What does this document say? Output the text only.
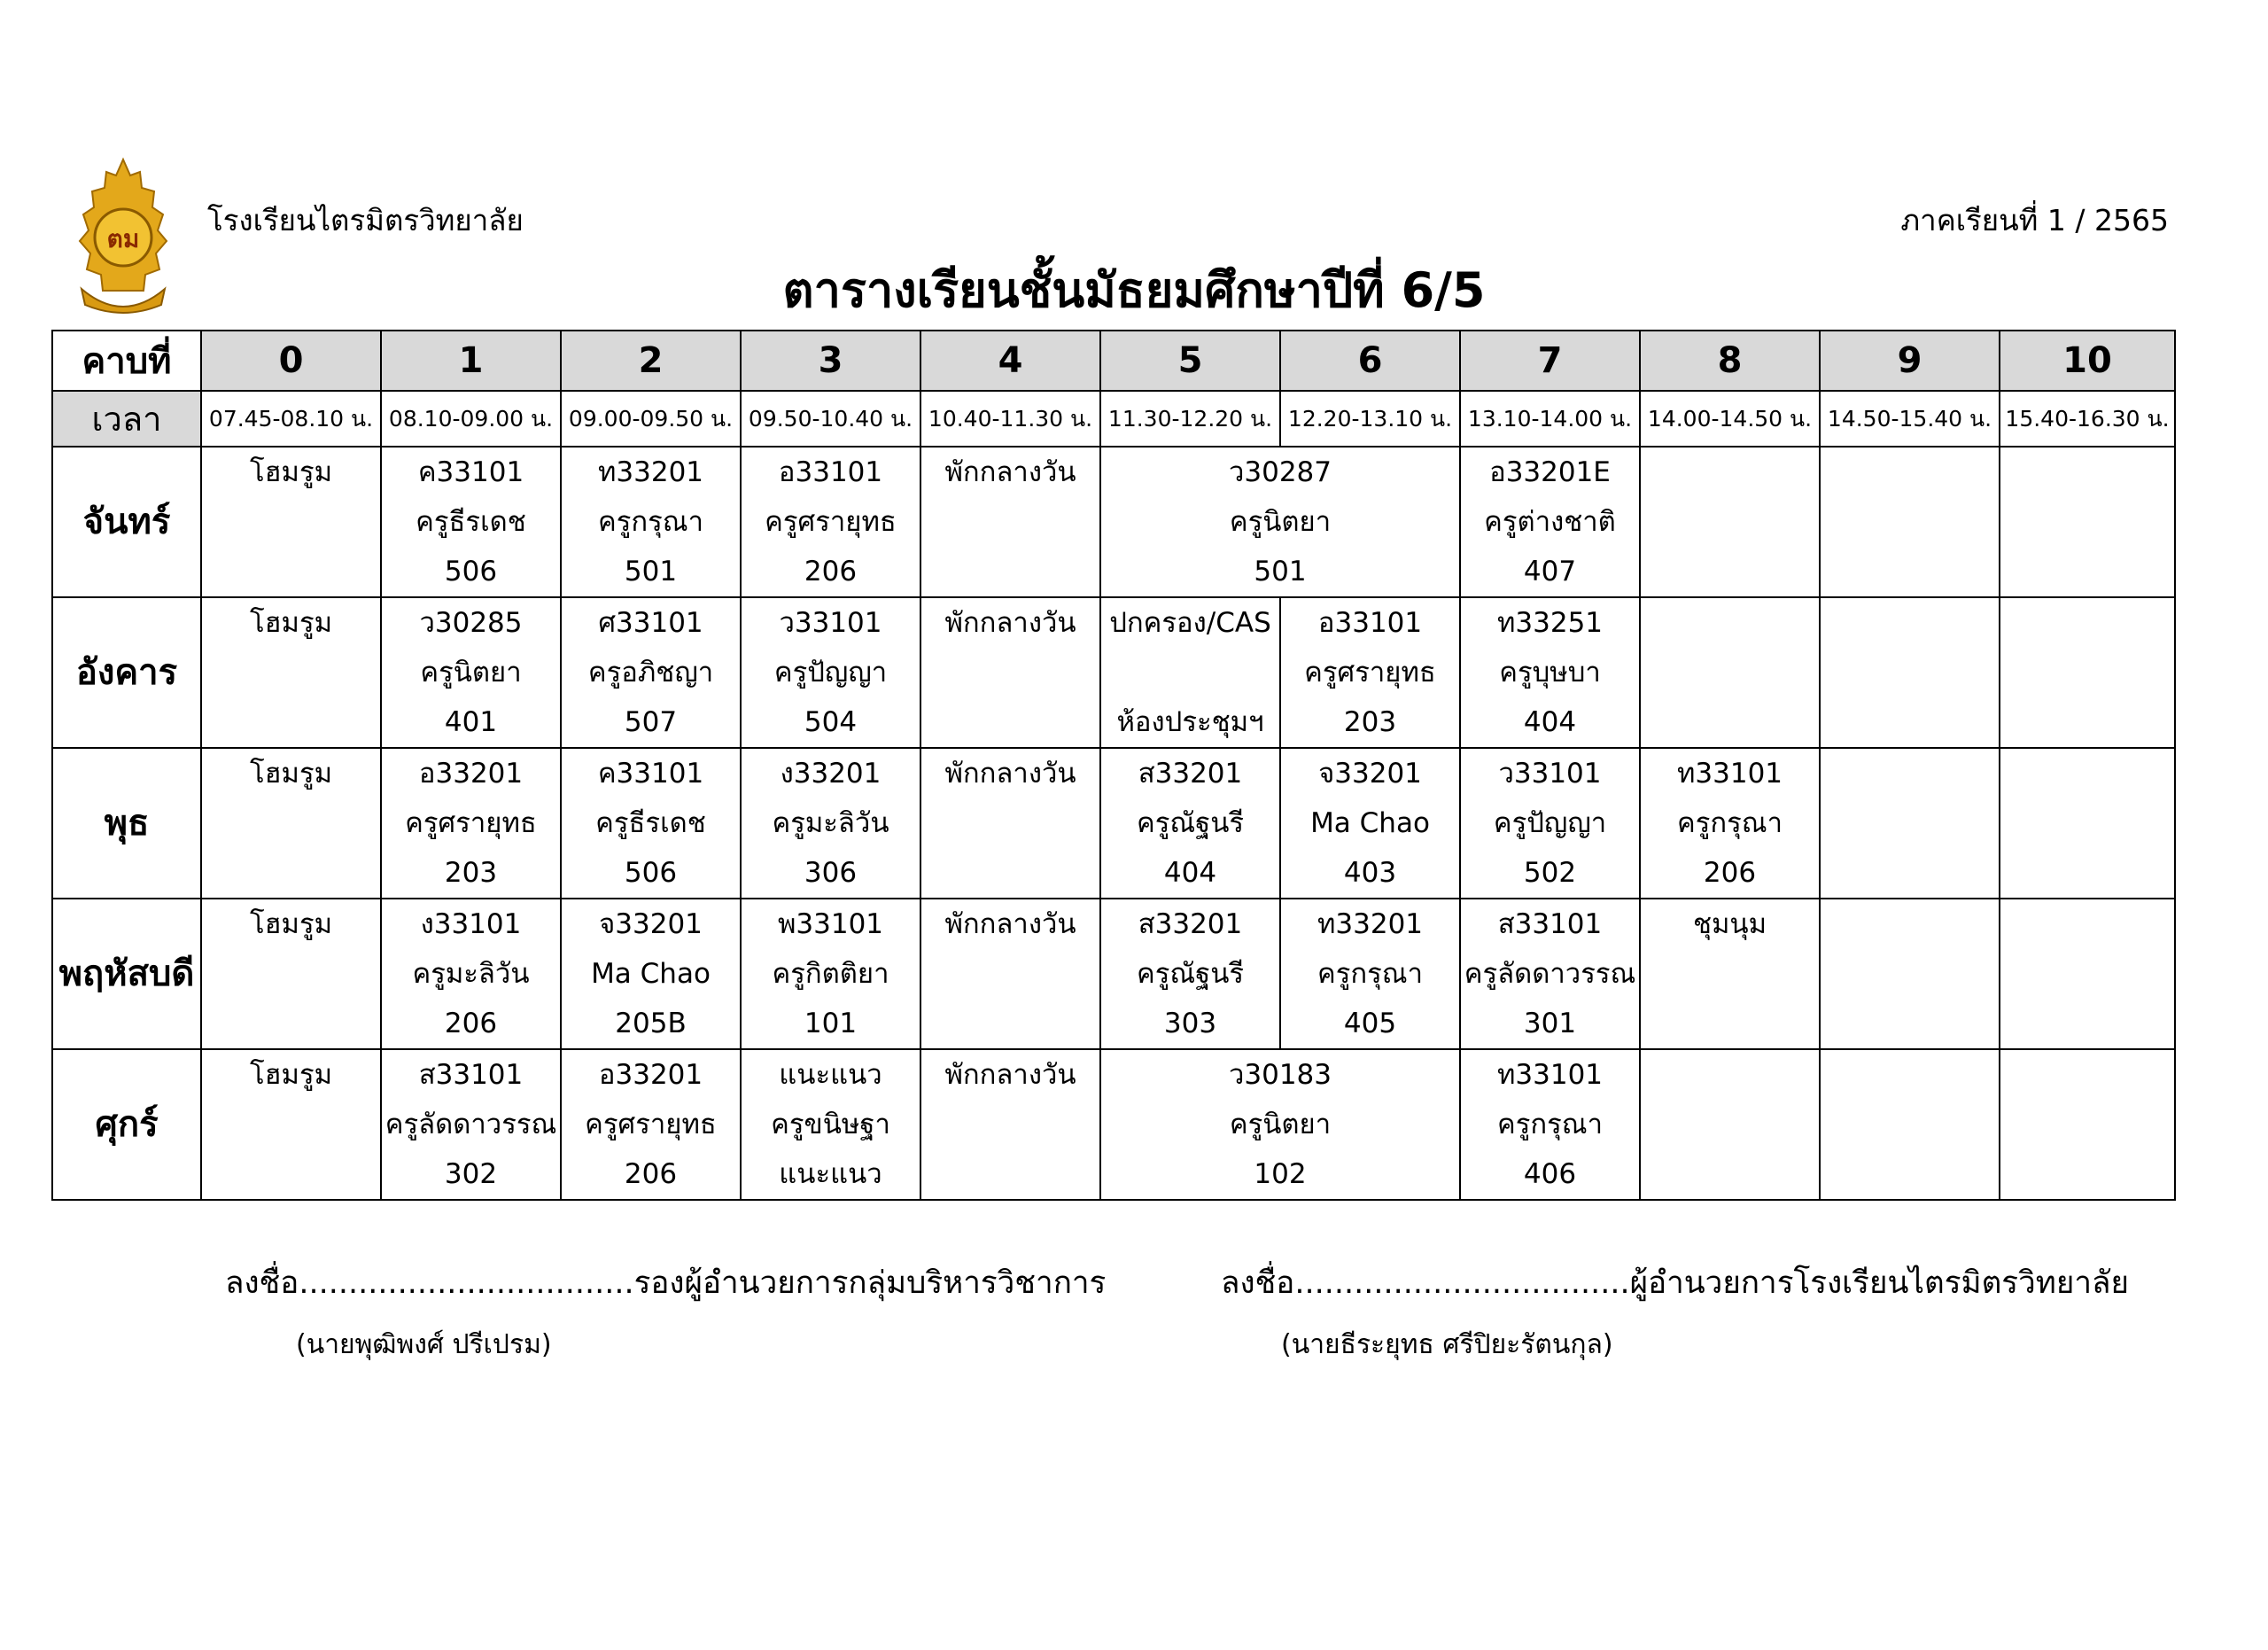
ตม
โรงเรียนไตรมิตรวิทยาลัย	ภาคเรียนที่ 1 / 2565
ตารางเรียนชั้นมัธยมศึกษาปีที่ 6/5
คาบที่	0	1	2	3	4	5	6	7	8	9	10
เวลา	07.45-08.10 น.	08.10-09.00 น.	09.00-09.50 น.	09.50-10.40 น.	10.40-11.30 น.	11.30-12.20 น.	12.20-13.10 น.	13.10-14.00 น.	14.00-14.50 น.	14.50-15.40 น.	15.40-16.30 น.
จันทร์	โฮมรูม	ค33101
ครูธีรเดช
506	ท33201
ครูกรุณา
501	อ33101
ครูศรายุทธ
206	พักกลางวัน	ว30287
ครูนิตยา
501		อ33201E
ครูต่างชาติ
407			

อังคาร	โฮมรูม	ว30285
ครูนิตยา
401	ศ33101
ครูอภิชญา
507	ว33101
ครูปัญญา
504	พักกลางวัน	ปกครอง/CAS
ห้องประชุมฯ	อ33101
ครูศรายุทธ
203	ท33251
ครูบุษบา
404			

พุธ	โฮมรูม	อ33201
ครูศรายุทธ
203	ค33101
ครูธีรเดช
506	ง33201
ครูมะลิวัน
306	พักกลางวัน	ส33201
ครูณัฐนรี
404	จ33201
Ma Chao
403	ว33101
ครูปัญญา
502	ท33101
ครูกรุณา
206		

พฤหัสบดี	โฮมรูม	ง33101
ครูมะลิวัน
206	จ33201
Ma Chao
205B	พ33101
ครูกิตติยา
101	พักกลางวัน	ส33201
ครูณัฐนรี
303	ท33201
ครูกรุณา
405	ส33101
ครูลัดดาวรรณ
301	ชุมนุม		

ศุกร์	โฮมรูม	ส33101
ครูลัดดาวรรณ
302	อ33201
ครูศรายุทธ
206	แนะแนว
ครูขนิษฐา
แนะแนว	พักกลางวัน	ว30183
ครูนิตยา
102		ท33101
ครูกรุณา
406			

ลงชื่อ..................................รองผู้อำนวยการกลุ่มบริหารวิชาการ
(นายพุฒิพงศ์ ปรีเปรม)
ลงชื่อ..................................ผู้อำนวยการโรงเรียนไตรมิตรวิทยาลัย
(นายธีระยุทธ ศรีปิยะรัตนกุล)
